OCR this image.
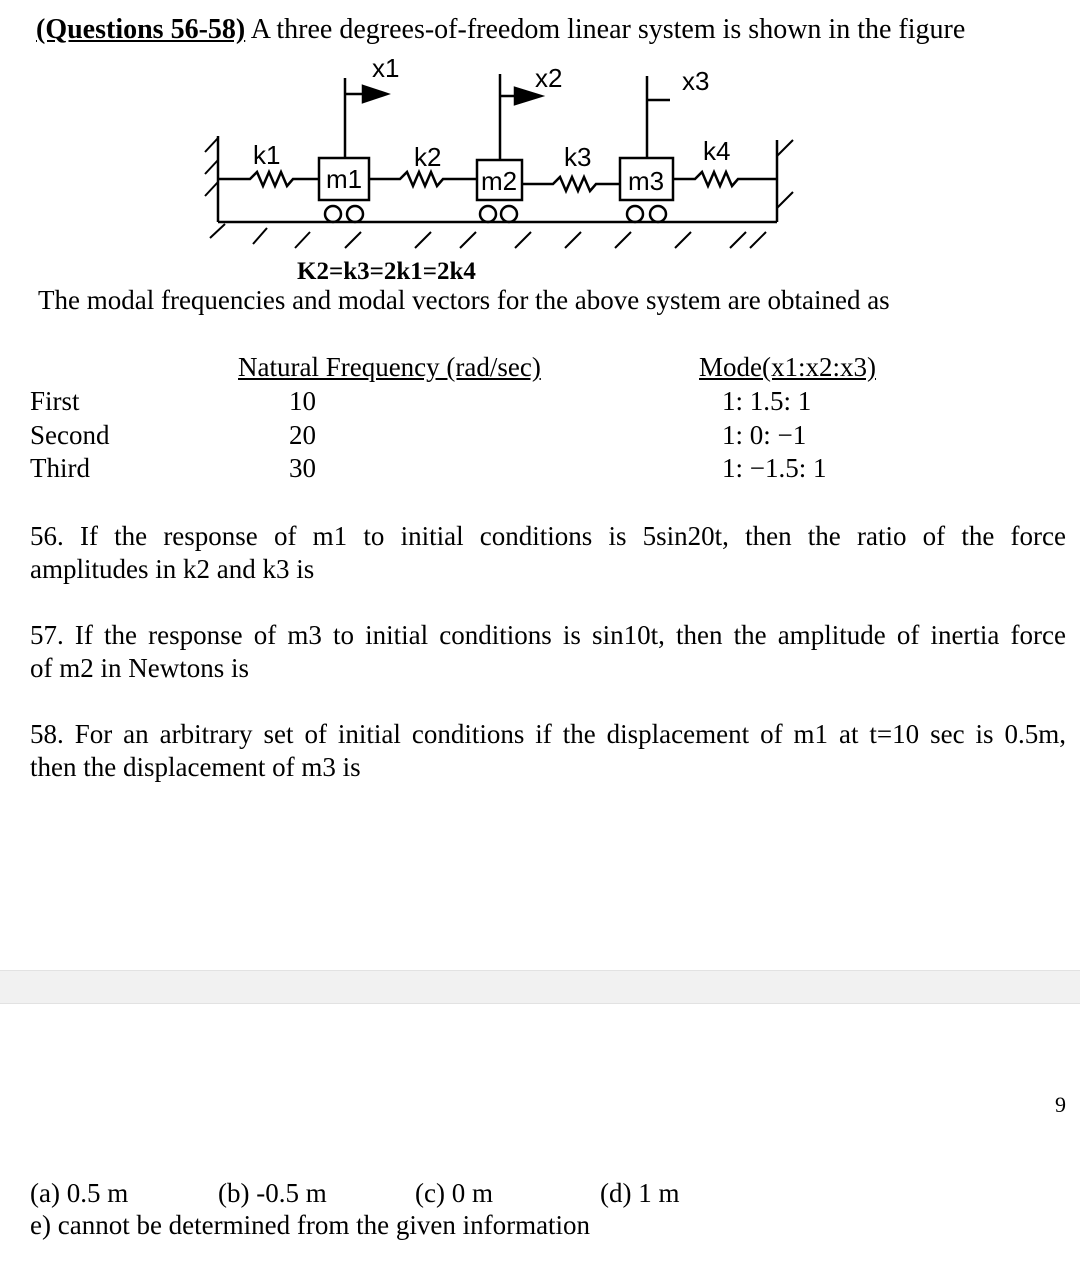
(Questions 56-58) A three degrees-of-freedom linear system is shown in the figure
x1	x2	x3
k1	k2	k3	k4
m1	m2	m3
K2=k3=2k1=2k4
The modal frequencies and modal vectors for the above system are obtained as
Natural Frequency (rad/sec)	Mode(x1:x2:x3)
First	10	1: 1.5: 1
Second	20	1: 0: −1
Third	30	1: −1.5: 1
56. If the response of m1 to initial conditions is 5sin20t, then the ratio of the force
amplitudes in k2 and k3 is
57. If the response of m3 to initial conditions is sin10t, then the amplitude of inertia force
of m2 in Newtons is
58. For an arbitrary set of initial conditions if the displacement of m1 at t=10 sec is 0.5m,
then the displacement of m3 is
9
(a) 0.5 m	(b) -0.5 m	(c) 0 m	(d) 1 m
e) cannot be determined from the given information
